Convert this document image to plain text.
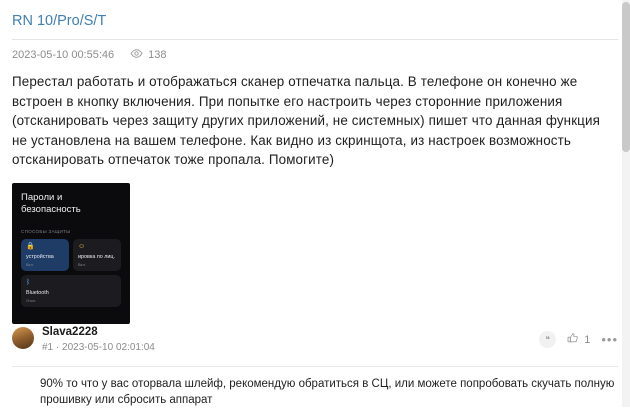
RN 10/Pro/S/T
2023-05-10 00:55:46	138
Перестал работать и отображаться сканер отпечатка пальца. В телефоне он конечно же встроен в кнопку включения. При попытке его настроить через сторонние приложения (отсканировать через защиту других приложений, не системных) пишет что данная функция не установлена на вашем телефоне. Как видно из скринщота, из настроек возможность отсканировать отпечаток тоже пропала. Помогите)
Пароли и
безопасность
СПОСОБЫ ЗАЩИТЫ
🔒
устройства
Вкл.
☺
ировка по лиц.
Вкл.
ᛒ
Bluetooth
Откл.
Slava2228
#1 · 2023-05-10 02:01:04
❝	1 •••
90% то что у вас оторвала шлейф, рекомендую обратиться в СЦ, или можете попробовать скучать полную прошивку или сбросить аппарат
